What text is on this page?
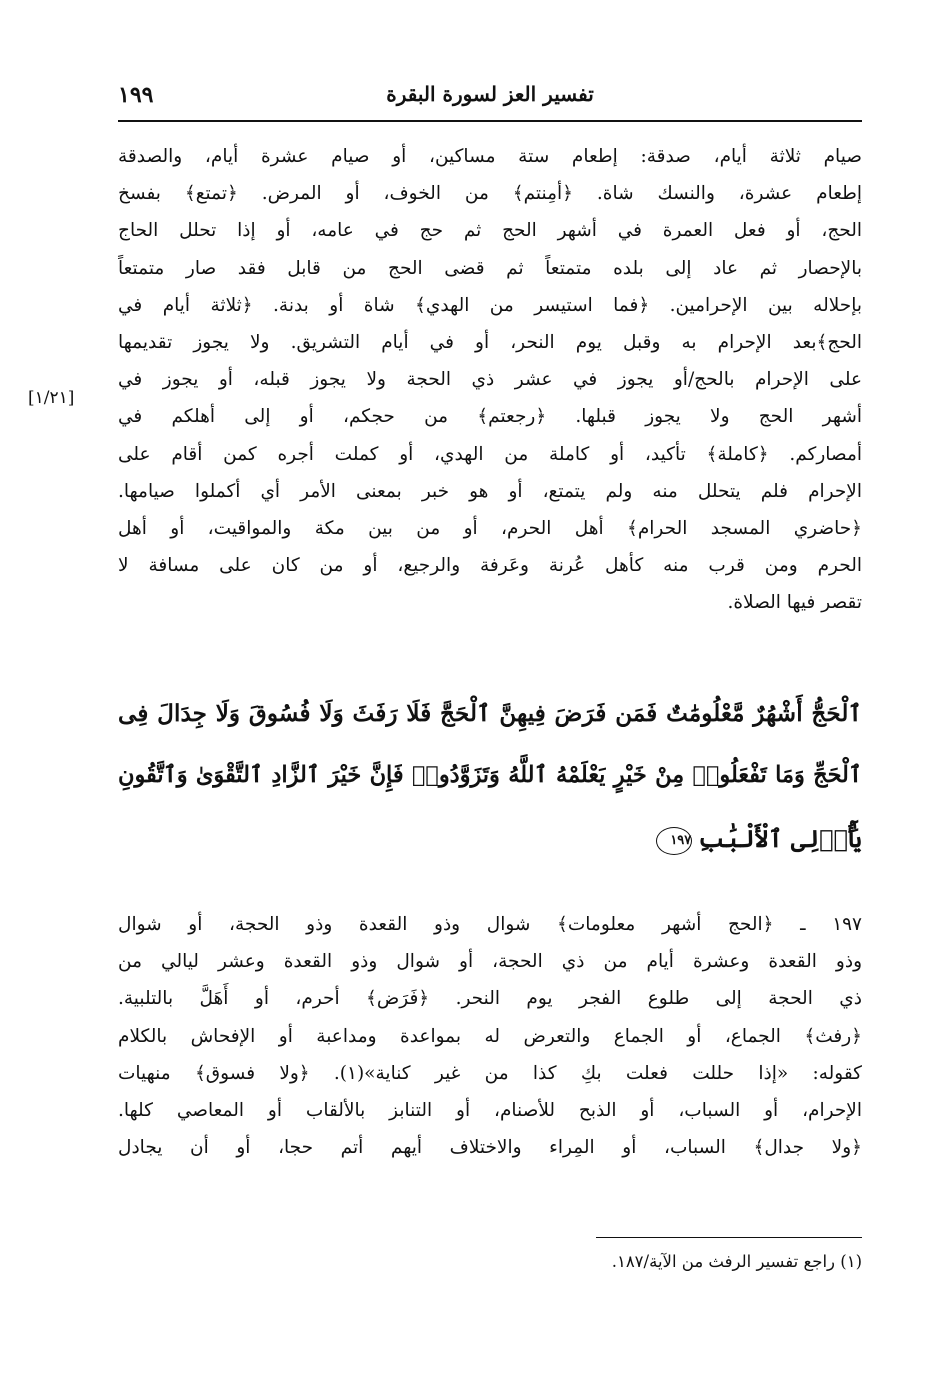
١٩٩	تفسير العز لسورة البقرة
صيام ثلاثة أيام، صدقة: إطعام ستة مساكين، أو صيام عشرة أيام، والصدقة
إطعام عشرة، والنسك شاة. ﴿أمِنتم﴾ من الخوف، أو المرض. ﴿تمتع﴾ بفسخ
الحج، أو فعل العمرة في أشهر الحج ثم حج في عامه، أو إذا تحلل الحاج
بالإحصار ثم عاد إلى بلده متمتعاً ثم قضى الحج من قابل فقد صار متمتعاً
بإحلاله بين الإحرامين. ﴿فما استيسر من الهدي﴾ شاة أو بدنة. ﴿ثلاثة أيام في
الحج﴾بعد الإحرام به وقبل يوم النحر، أو في أيام التشريق. ولا يجوز تقديمها
على الإحرام بالحج/أو يجوز في عشر ذي الحجة ولا يجوز قبله، أو يجوز في
أشهر الحج ولا يجوز قبلها. ﴿رجعتم﴾ من حجكم، أو إلى أهلكم في
أمصاركم. ﴿كاملة﴾ تأكيد، أو كاملة من الهدي، أو كملت أجره كمن أقام على
الإحرام فلم يتحلل منه ولم يتمتع، أو هو خبر بمعنى الأمر أي أكملوا صيامها.
﴿حاضري المسجد الحرام﴾ أهل الحرم، أو من بين مكة والمواقيت، أو أهل
الحرم ومن قرب منه كأهل عُرنة وعَرفة والرجيع، أو من كان على مسافة لا
تقصر فيها الصلاة.
[١/٢١]
ٱلْحَجُّ أَشْهُرٌ مَّعْلُومَٰتٌ فَمَن فَرَضَ فِيهِنَّ ٱلْحَجَّ فَلَا رَفَثَ وَلَا فُسُوقَ وَلَا جِدَالَ فِى
ٱلْحَجِّ وَمَا تَفْعَلُوا۟ مِنْ خَيْرٍ يَعْلَمْهُ ٱللَّهُ وَتَزَوَّدُوا۟ فَإِنَّ خَيْرَ ٱلزَّادِ ٱلتَّقْوَىٰ وَٱتَّقُونِ
يَٰٓأُو۟لِى ٱلْأَلْبَٰبِ١٩٧
١٩٧ ـ ﴿الحج أشهر معلومات﴾ شوال وذو القعدة وذو الحجة، أو شوال
وذو القعدة وعشرة أيام من ذي الحجة، أو شوال وذو القعدة وعشر ليالي من
ذي الحجة إلى طلوع الفجر يوم النحر. ﴿فَرَض﴾ أحرم، أو أَهَلَّ بالتلبية.
﴿رفث﴾ الجماع، أو الجماع والتعرض له بمواعدة ومداعبة أو الإفحاش بالكلام
كقوله: «إذا حللت فعلت بكِ كذا من غير كناية»(١). ﴿ولا فسوق﴾ منهيات
الإحرام، أو السباب، أو الذبح للأصنام، أو التنابز بالألقاب أو المعاصي كلها.
﴿ولا جدال﴾ السباب، أو المِراء والاختلاف أيهم أتم حجا، أو أن يجادل
(١) راجع تفسير الرفث من الآية/١٨٧.
